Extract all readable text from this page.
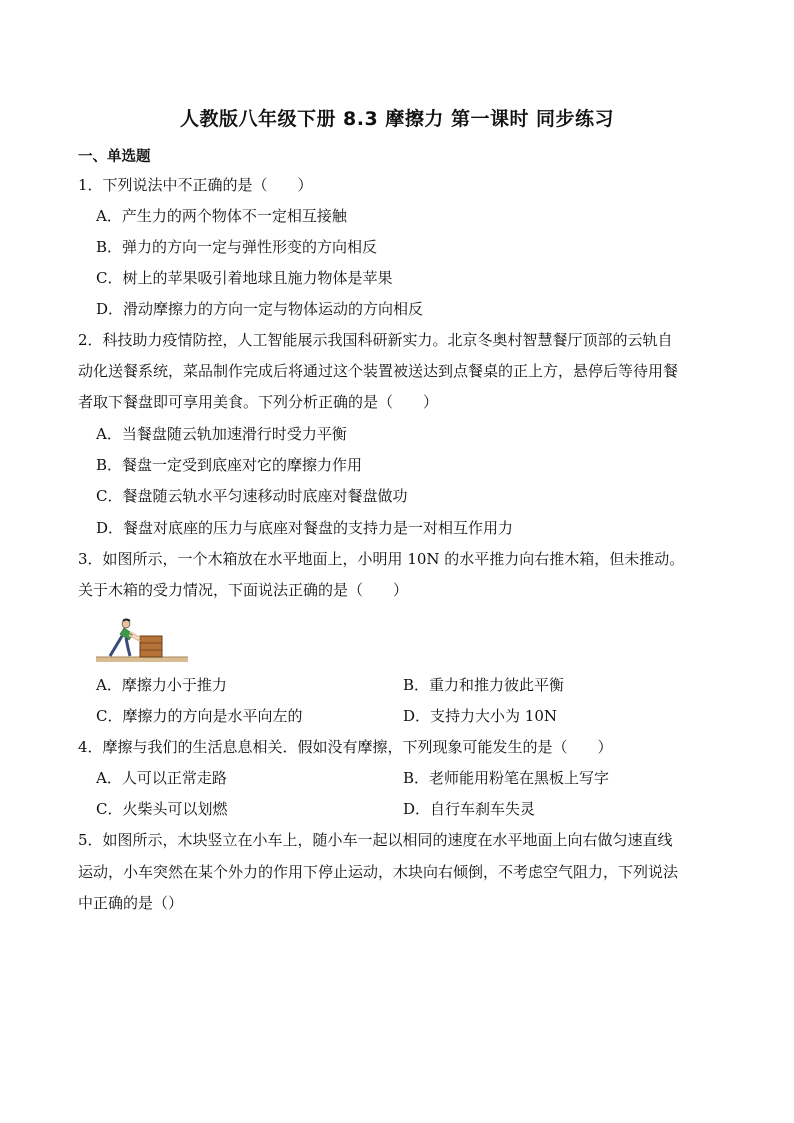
人教版八年级下册 8.3 摩擦力 第一课时 同步练习
一、单选题
1．下列说法中不正确的是（　　）
A．产生力的两个物体不一定相互接触
B．弹力的方向一定与弹性形变的方向相反
C．树上的苹果吸引着地球且施力物体是苹果
D．滑动摩擦力的方向一定与物体运动的方向相反
2．科技助力疫情防控，人工智能展示我国科研新实力。北京冬奥村智慧餐厅顶部的云轨自
动化送餐系统，菜品制作完成后将通过这个装置被送达到点餐桌的正上方，悬停后等待用餐
者取下餐盘即可享用美食。下列分析正确的是（　　）
A．当餐盘随云轨加速滑行时受力平衡
B．餐盘一定受到底座对它的摩擦力作用
C．餐盘随云轨水平匀速移动时底座对餐盘做功
D．餐盘对底座的压力与底座对餐盘的支持力是一对相互作用力
3．如图所示，一个木箱放在水平地面上，小明用 10N 的水平推力向右推木箱，但未推动。
关于木箱的受力情况，下面说法正确的是（　　）
A．摩擦力小于推力	B．重力和推力彼此平衡
C．摩擦力的方向是水平向左的	D．支持力大小为 10N
4．摩擦与我们的生活息息相关．假如没有摩擦，下列现象可能发生的是（　　）
A．人可以正常走路	B．老师能用粉笔在黑板上写字
C．火柴头可以划燃	D．自行车刹车失灵
5．如图所示，木块竖立在小车上，随小车一起以相同的速度在水平地面上向右做匀速直线
运动，小车突然在某个外力的作用下停止运动，木块向右倾倒，不考虑空气阻力，下列说法
中正确的是（）
